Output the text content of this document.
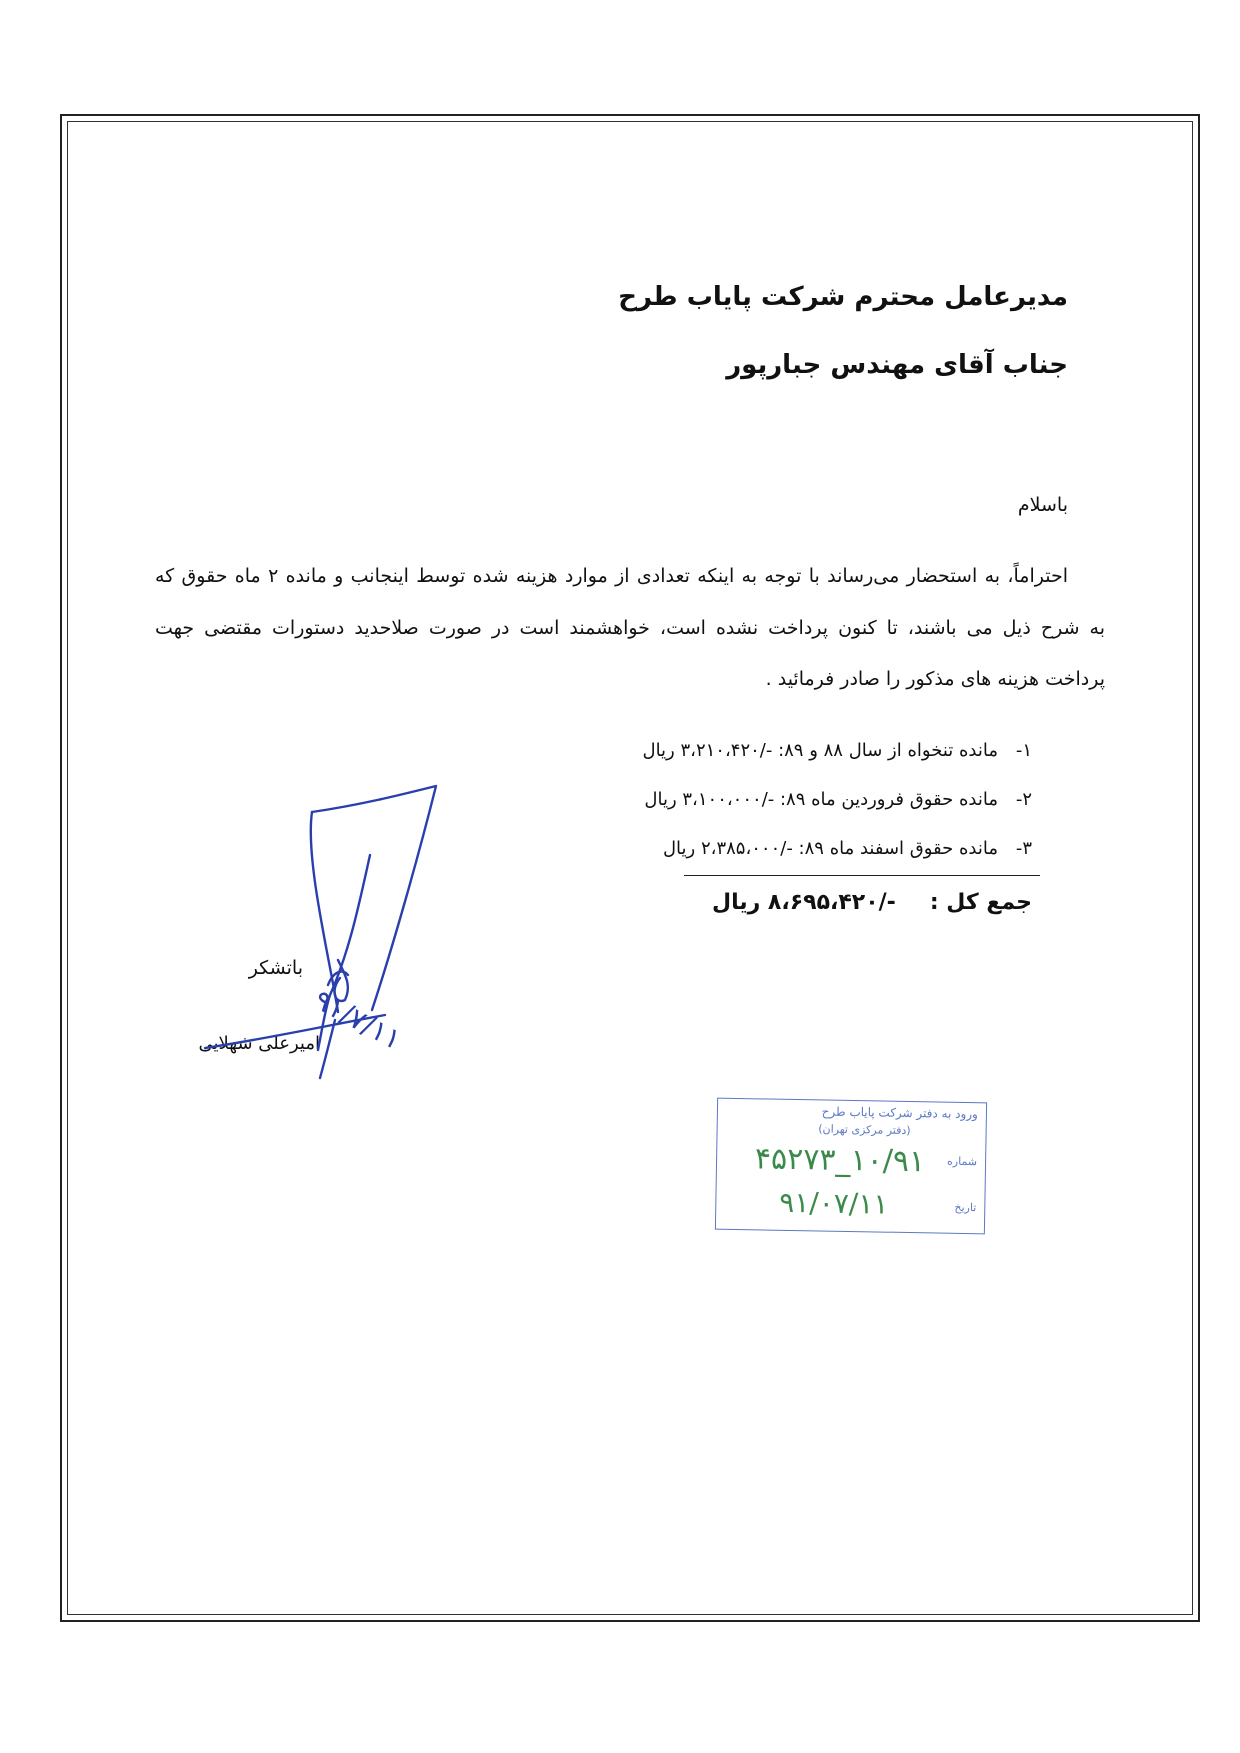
مدیرعامل محترم شرکت پایاب طرح
جناب آقای مهندس جبارپور
باسلام
احتراماً، به استحضار می‌رساند با توجه به اینکه تعدادی از موارد هزینه شده توسط اینجانب و مانده ۲ ماه حقوق که
به شرح ذیل می باشند، تا کنون پرداخت نشده است، خواهشمند است در صورت صلاحدید دستورات مقتضی جهت
پرداخت هزینه های مذکور را صادر فرمائید .
۱-مانده تنخواه از سال ۸۸ و ۸۹: -/۳،۲۱۰،۴۲۰ ریال
۲-مانده حقوق فروردین ماه ۸۹: -/۳،۱۰۰،۰۰۰ ریال
۳-مانده حقوق اسفند ماه ۸۹: -/۲،۳۸۵،۰۰۰ ریال
جمع کل :-/۸،۶۹۵،۴۲۰ ریال
باتشکر
امیرعلی شهلایی
۹۱/۷/۱۱
ورود به دفتر شرکت پایاب طرح
(دفتر مرکزی تهران)
شماره
۱۰/۹۱_۴۵۲۷۳
تاریخ
۹۱/۰۷/۱۱
